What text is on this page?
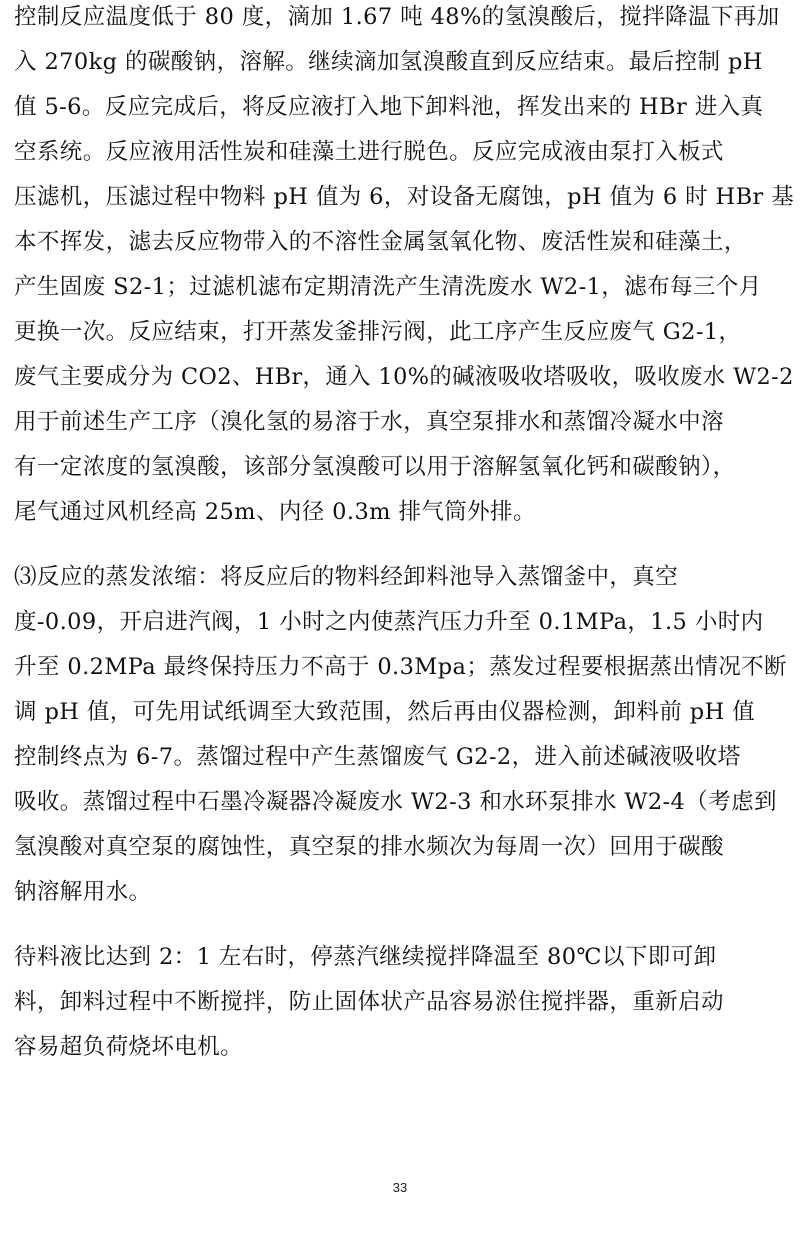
控制反应温度低于 80 度，滴加 1.67 吨 48%的氢溴酸后，搅拌降温下再加
入 270kg 的碳酸钠，溶解。继续滴加氢溴酸直到反应结束。最后控制 pH
值 5-6。反应完成后，将反应液打入地下卸料池，挥发出来的 HBr 进入真
空系统。反应液用活性炭和硅藻土进行脱色。反应完成液由泵打入板式
压滤机，压滤过程中物料 pH 值为 6，对设备无腐蚀，pH 值为 6 时 HBr 基
本不挥发，滤去反应物带入的不溶性金属氢氧化物、废活性炭和硅藻土，
产生固废 S2-1；过滤机滤布定期清洗产生清洗废水 W2-1，滤布每三个月
更换一次。反应结束，打开蒸发釜排污阀，此工序产生反应废气 G2-1，
废气主要成分为 CO2、HBr，通入 10%的碱液吸收塔吸收，吸收废水 W2-2
用于前述生产工序（溴化氢的易溶于水，真空泵排水和蒸馏冷凝水中溶
有一定浓度的氢溴酸，该部分氢溴酸可以用于溶解氢氧化钙和碳酸钠），
尾气通过风机经高 25m、内径 0.3m 排气筒外排。
⑶反应的蒸发浓缩：将反应后的物料经卸料池导入蒸馏釜中，真空
度-0.09，开启进汽阀，1 小时之内使蒸汽压力升至 0.1MPa，1.5 小时内
升至 0.2MPa 最终保持压力不高于 0.3Mpa；蒸发过程要根据蒸出情况不断
调 pH 值，可先用试纸调至大致范围，然后再由仪器检测，卸料前 pH 值
控制终点为 6-7。蒸馏过程中产生蒸馏废气 G2-2，进入前述碱液吸收塔
吸收。蒸馏过程中石墨冷凝器冷凝废水 W2-3 和水环泵排水 W2-4（考虑到
氢溴酸对真空泵的腐蚀性，真空泵的排水频次为每周一次）回用于碳酸
钠溶解用水。
待料液比达到 2：1 左右时，停蒸汽继续搅拌降温至 80℃以下即可卸
料，卸料过程中不断搅拌，防止固体状产品容易淤住搅拌器，重新启动
容易超负荷烧坏电机。
33
